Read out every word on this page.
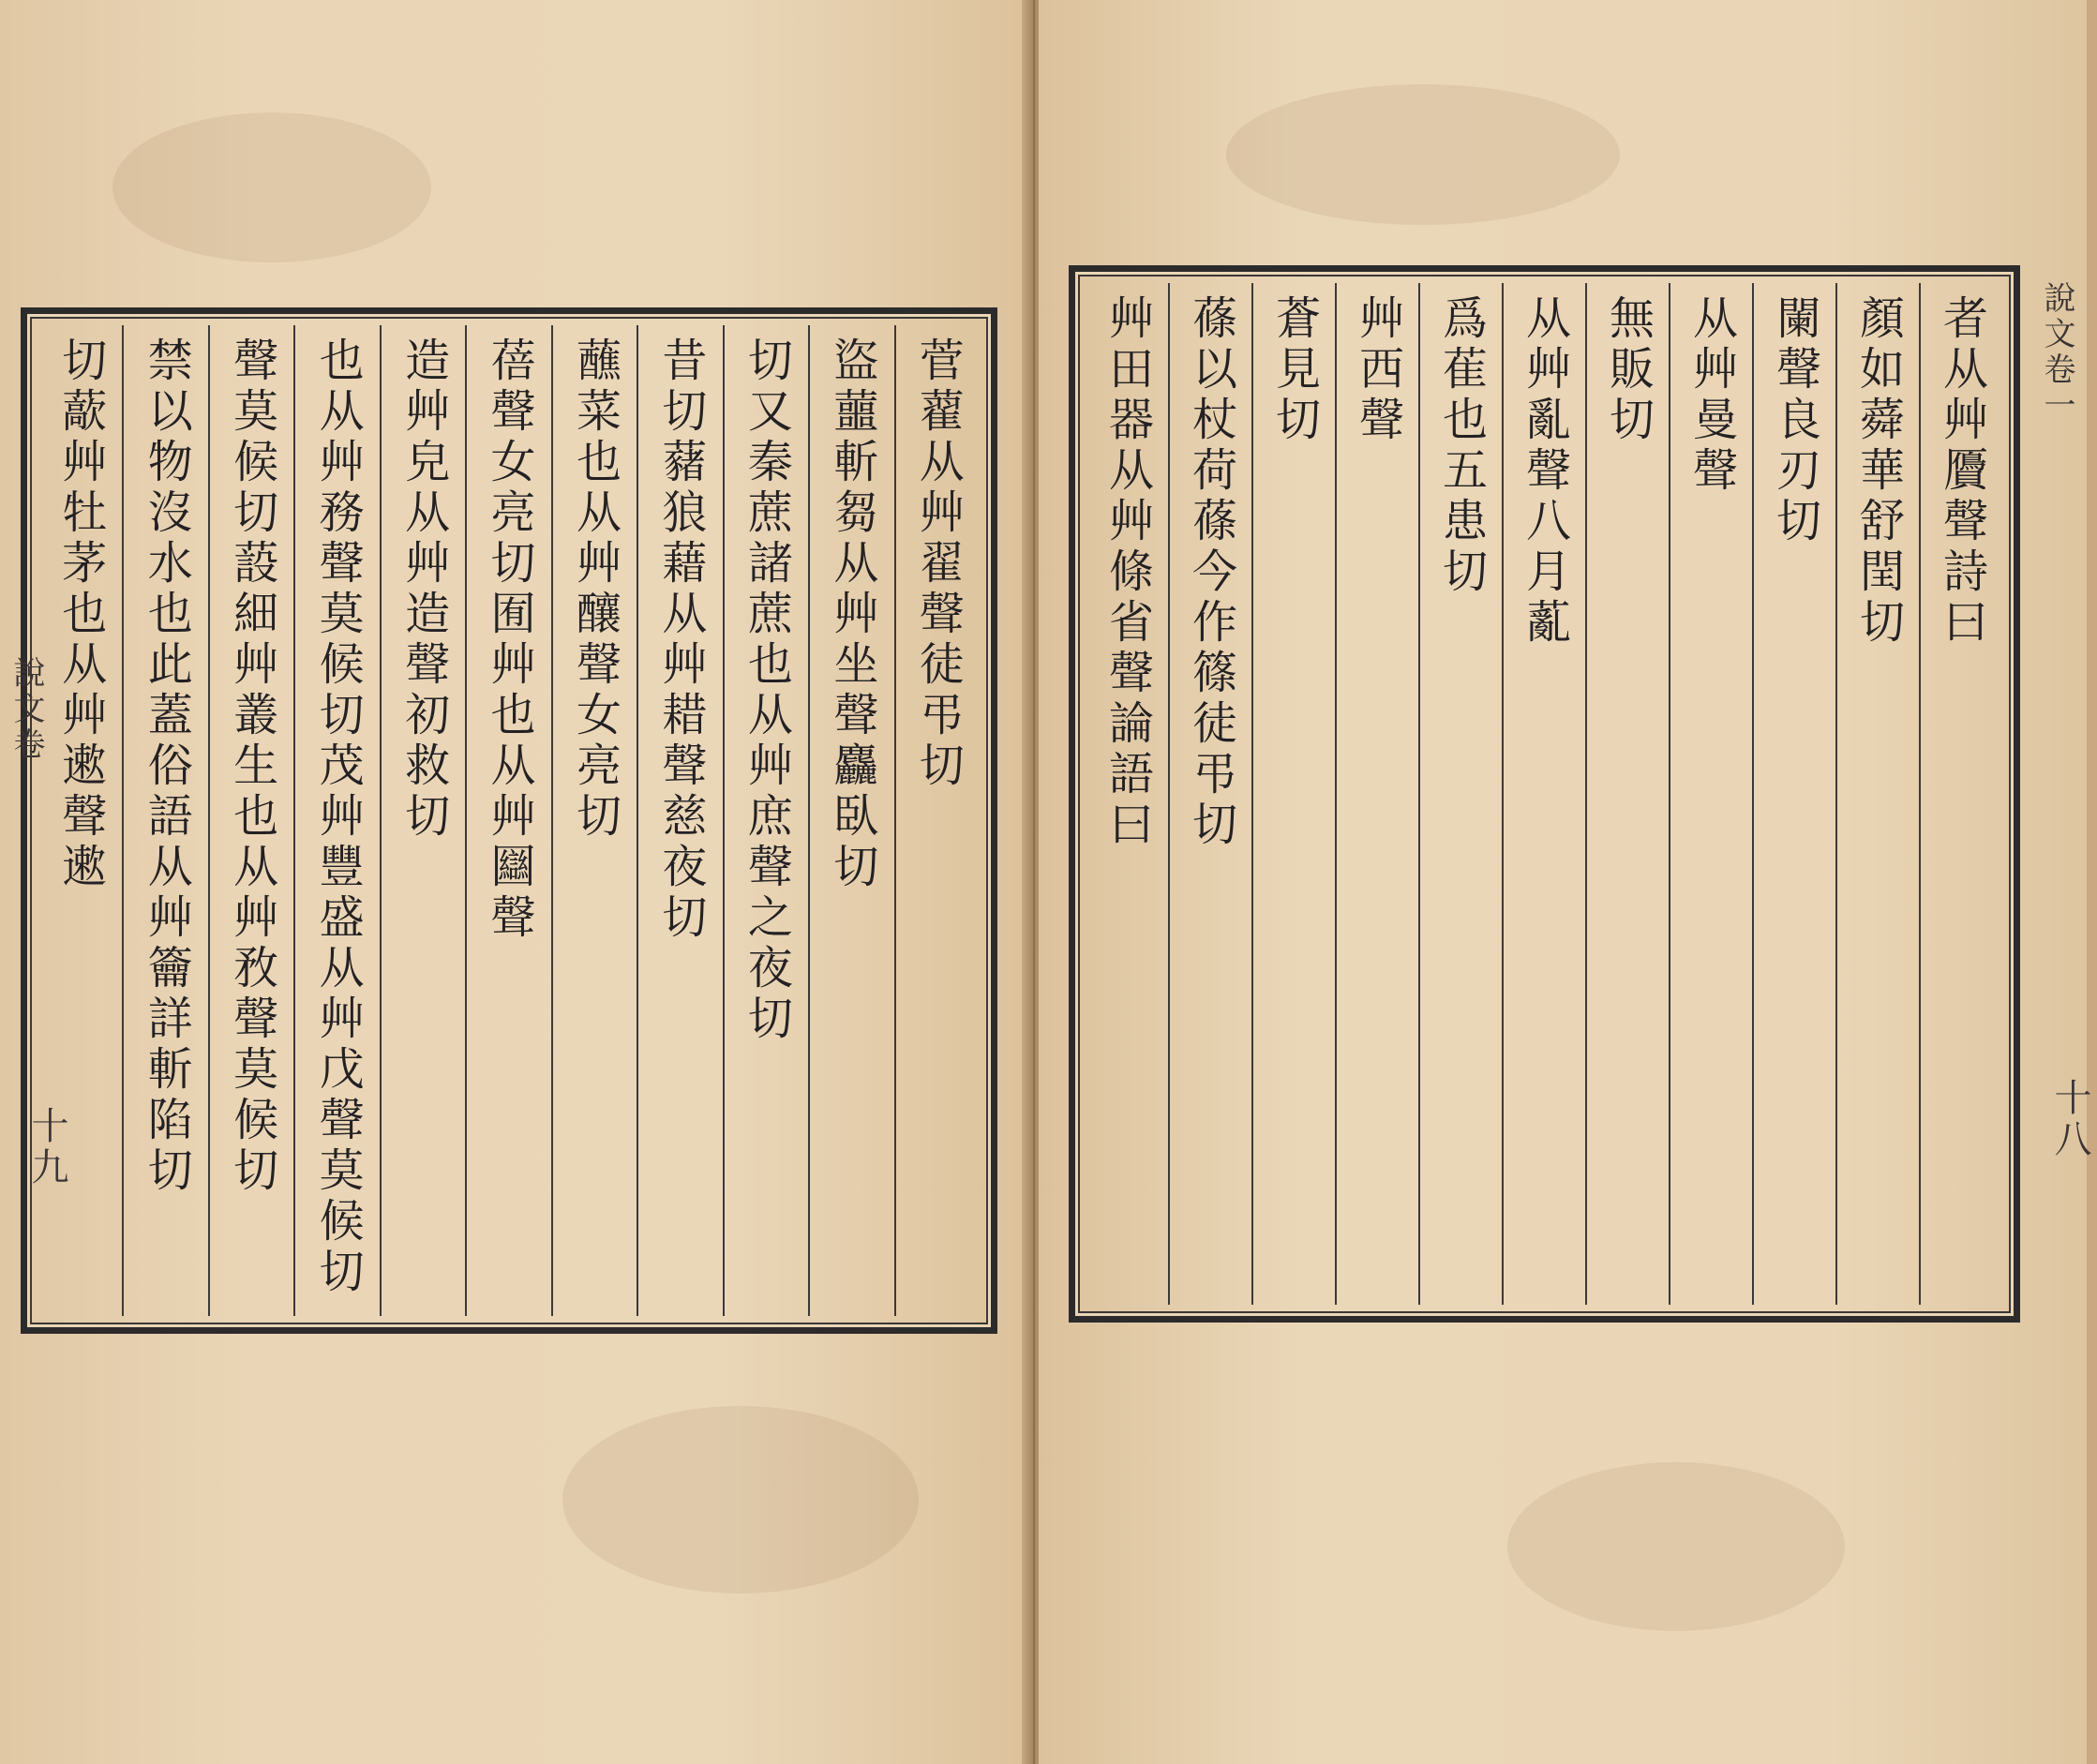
菅藋从艸翟聲徒弔切
盜蘁斬芻从艸坐聲麤臥切
切又秦蔗諸蔗也从艸庶聲之夜切
昔切藸狼藉从艸耤聲慈夜切
蘸菜也从艸釀聲女亮切
蓓聲女亮切囿艸也从艸圝聲
造艸皃从艸造聲初救切
也从艸務聲莫候切茂艸豐盛从艸戊聲莫候切
聲莫候切蔎細艸叢生也从艸敄聲莫候切
禁以物沒水也此蓋俗語从艸籥詳斬陷切
切藃艸牡茅也从艸遬聲遬	者从艸贗聲詩曰
顏如蕣華舒閏切
闌聲良刃切
从艸曼聲
無販切
从艸亂聲八月薍
爲萑也五患切
艸西聲
蒼見切
蓧以杖荷蓧今作篠徒弔切
艸田器从艸條省聲論語曰
說文卷
十九
說文卷一
十八
